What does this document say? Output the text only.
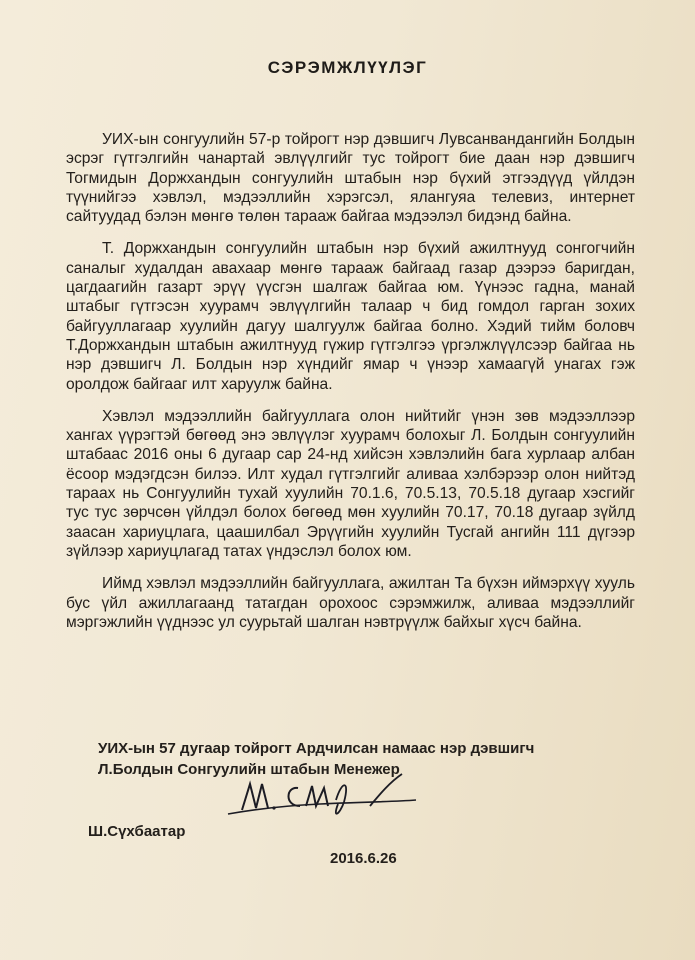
СЭРЭМЖЛҮҮЛЭГ

УИХ-ын сонгуулийн 57-р тойрогт нэр дэвшигч Лувсанвандангийн Болдын эсрэг гүтгэлгийн чанартай эвлүүлгийг тус тойрогт бие даан нэр дэвшигч Тогмидын Доржхандын сонгуулийн штабын нэр бүхий этгээдүүд үйлдэн түүнийгээ хэвлэл, мэдээллийн хэрэгсэл, ялангуяа телевиз, интернет сайтуудад бэлэн мөнгө төлөн тараaж байгаа мэдээлэл бидэнд байна.

Т. Доржхандын сонгуулийн штабын нэр бүхий ажилтнууд сонгогчийн саналыг худалдан авахаар мөнгө тарааж байгаад газар дээрээ баригдан, цагдаагийн газарт эрүү үүсгэн шалгаж байгаа юм. Үүнээс гадна, манай штабыг гүтгэсэн хуурамч эвлүүлгийн талаар ч бид гомдол гарган зохих байгууллагаар хуулийн дагуу шалгуулж байгаа болно. Хэдий тийм боловч Т.Доржхандын штабын ажилтнууд гүжир гүтгэлгээ үргэлжлүүлсээр байгаа нь нэр дэвшигч Л. Болдын нэр хүндийг ямар ч үнээр хамаагүй унагах гэж оролдож байгааг илт харуулж байна.

Хэвлэл мэдээллийн байгууллага олон нийтийг үнэн зөв мэдээллээр хангах үүрэгтэй бөгөөд энэ эвлүүлэг хуурамч болохыг Л. Болдын сонгуулийн штабаас 2016 оны 6 дугаар сар 24-нд хийсэн хэвлэлийн бага хурлаар албан ёсоор мэдэгдсэн билээ. Илт худал гүтгэлгийг аливаа хэлбэрээр олон нийтэд тараах нь Сонгуулийн тухай хуулийн 70.1.6, 70.5.13, 70.5.18 дугаар хэсгийг тус тус зөрчсөн үйлдэл болох бөгөөд мөн хуулийн 70.17, 70.18 дугаар зүйлд заасан хариуцлага, цаашилбал Эрүүгийн хуулийн Тусгай ангийн 111 дүгээр зүйлээр хариуцлагад татах үндэслэл болох юм.

Иймд хэвлэл мэдээллийн байгууллага, ажилтан Та бүхэн иймэрхүү хууль бус үйл ажиллагаанд татагдан орохоос сэрэмжилж, аливаа мэдээллийг мэргэжлийн үүднээс ул суурьтай шалган нэвтрүүлж байхыг хүсч байна.

УИХ-ын 57 дугаар тойрогт Ардчилсан намаас нэр дэвшигч
Л.Болдын Сонгуулийн штабын Менежер
Ш.Сүхбаатар
2016.6.26
